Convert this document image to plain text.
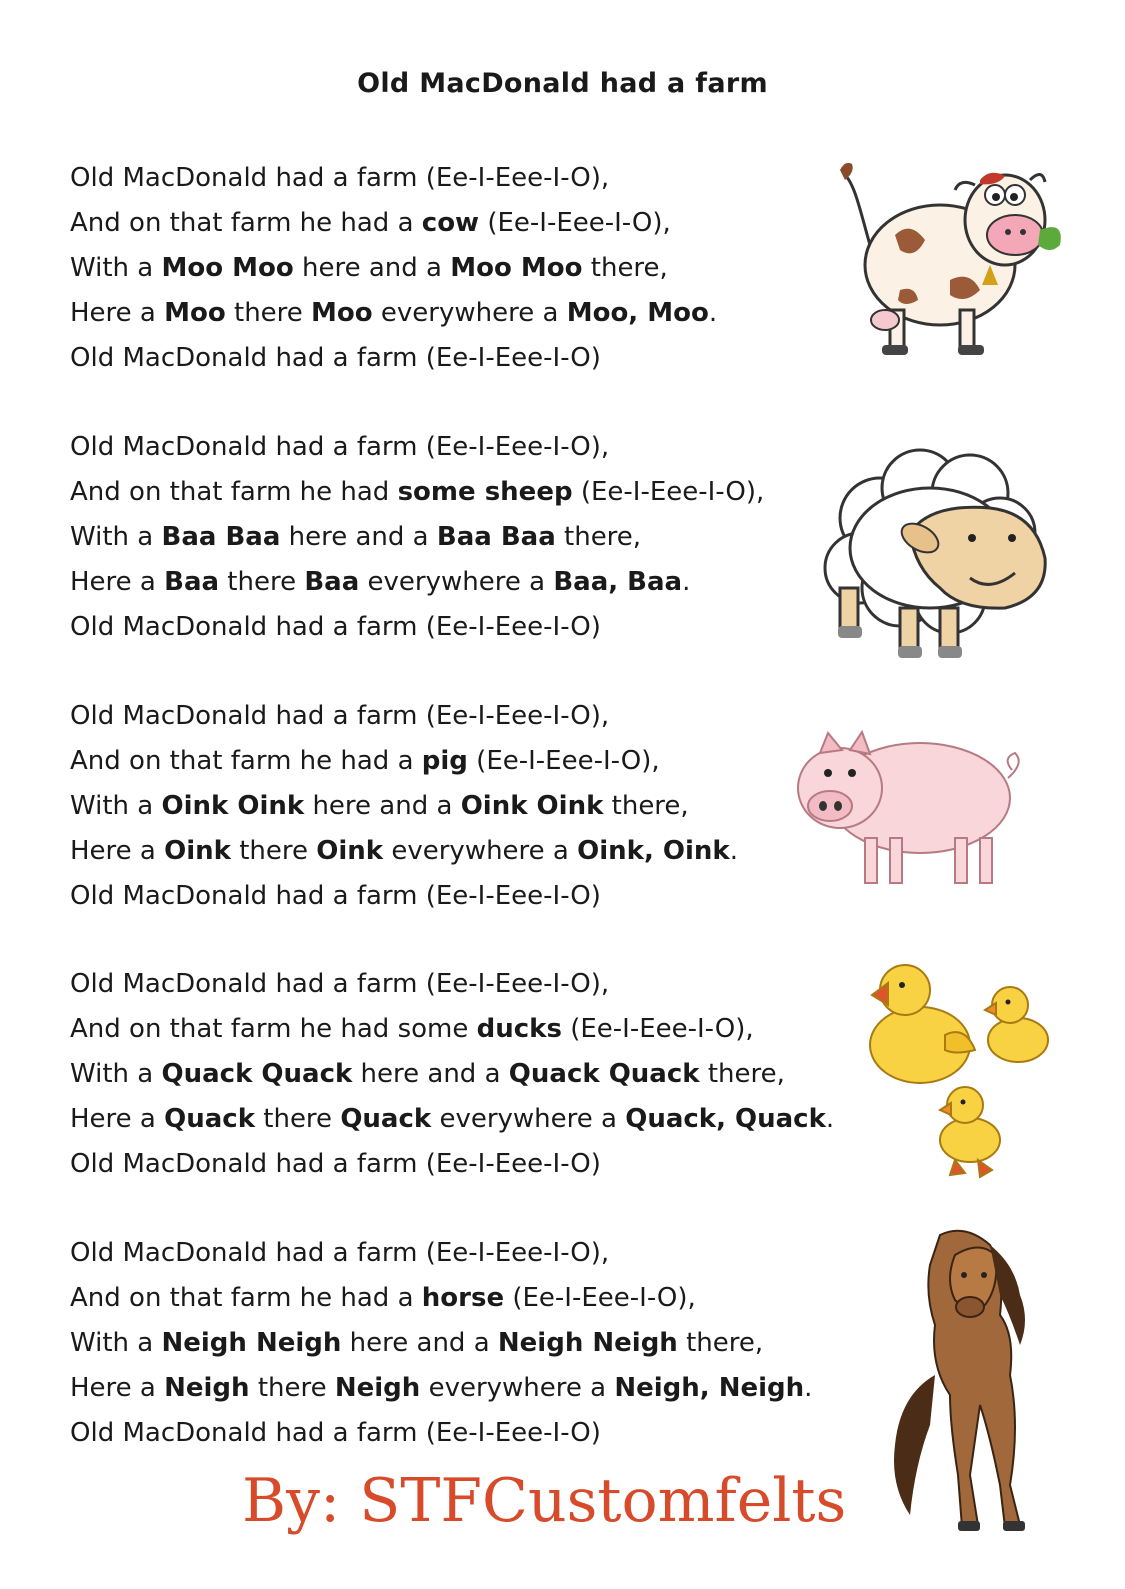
Old MacDonald had a farm
Old MacDonald had a farm (Ee-I-Eee-I-O),
And on that farm he had a cow (Ee-I-Eee-I-O),
With a Moo Moo here and a Moo Moo there,
Here a Moo there Moo everywhere a Moo, Moo.
Old MacDonald had a farm (Ee-I-Eee-I-O)
Old MacDonald had a farm (Ee-I-Eee-I-O),
And on that farm he had some sheep (Ee-I-Eee-I-O),
With a Baa Baa here and a Baa Baa there,
Here a Baa there Baa everywhere a Baa, Baa.
Old MacDonald had a farm (Ee-I-Eee-I-O)
Old MacDonald had a farm (Ee-I-Eee-I-O),
And on that farm he had a pig (Ee-I-Eee-I-O),
With a Oink Oink here and a Oink Oink there,
Here a Oink there Oink everywhere a Oink, Oink.
Old MacDonald had a farm (Ee-I-Eee-I-O)
Old MacDonald had a farm (Ee-I-Eee-I-O),
And on that farm he had some ducks (Ee-I-Eee-I-O),
With a Quack Quack here and a Quack Quack there,
Here a Quack there Quack everywhere a Quack, Quack.
Old MacDonald had a farm (Ee-I-Eee-I-O)
Old MacDonald had a farm (Ee-I-Eee-I-O),
And on that farm he had a horse (Ee-I-Eee-I-O),
With a Neigh Neigh here and a Neigh Neigh there,
Here a Neigh there Neigh everywhere a Neigh, Neigh.
Old MacDonald had a farm (Ee-I-Eee-I-O)
By: STFCustomfelts
